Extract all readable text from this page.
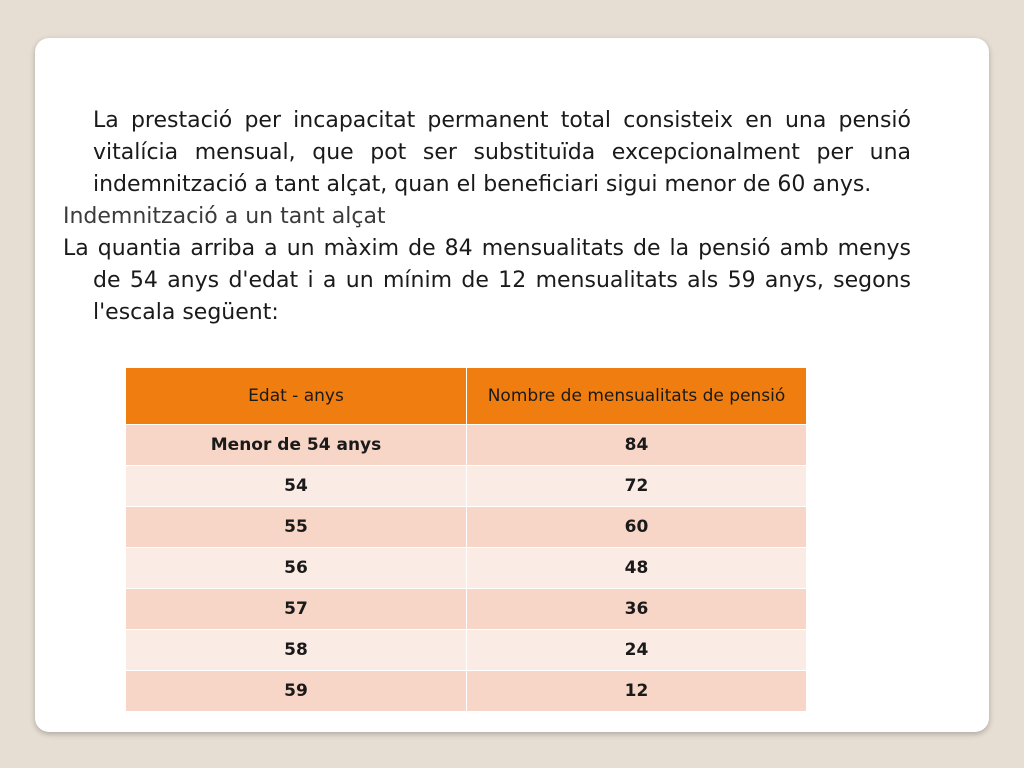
La prestació per incapacitat permanent total consisteix en una pensió vitalícia mensual, que pot ser substituïda excepcionalment per una indemnització a tant alçat, quan el beneficiari sigui menor de 60 anys.

Indemnització a un tant alçat

La quantia arriba a un màxim de 84 mensualitats de la pensió amb menys de 54 anys d'edat i a un mínim de 12 mensualitats als 59 anys, segons l'escala següent:

Edat - anys	Nombre de mensualitats de pensió
Menor de 54 anys	84
54	72
55	60
56	48
57	36
58	24
59	12
